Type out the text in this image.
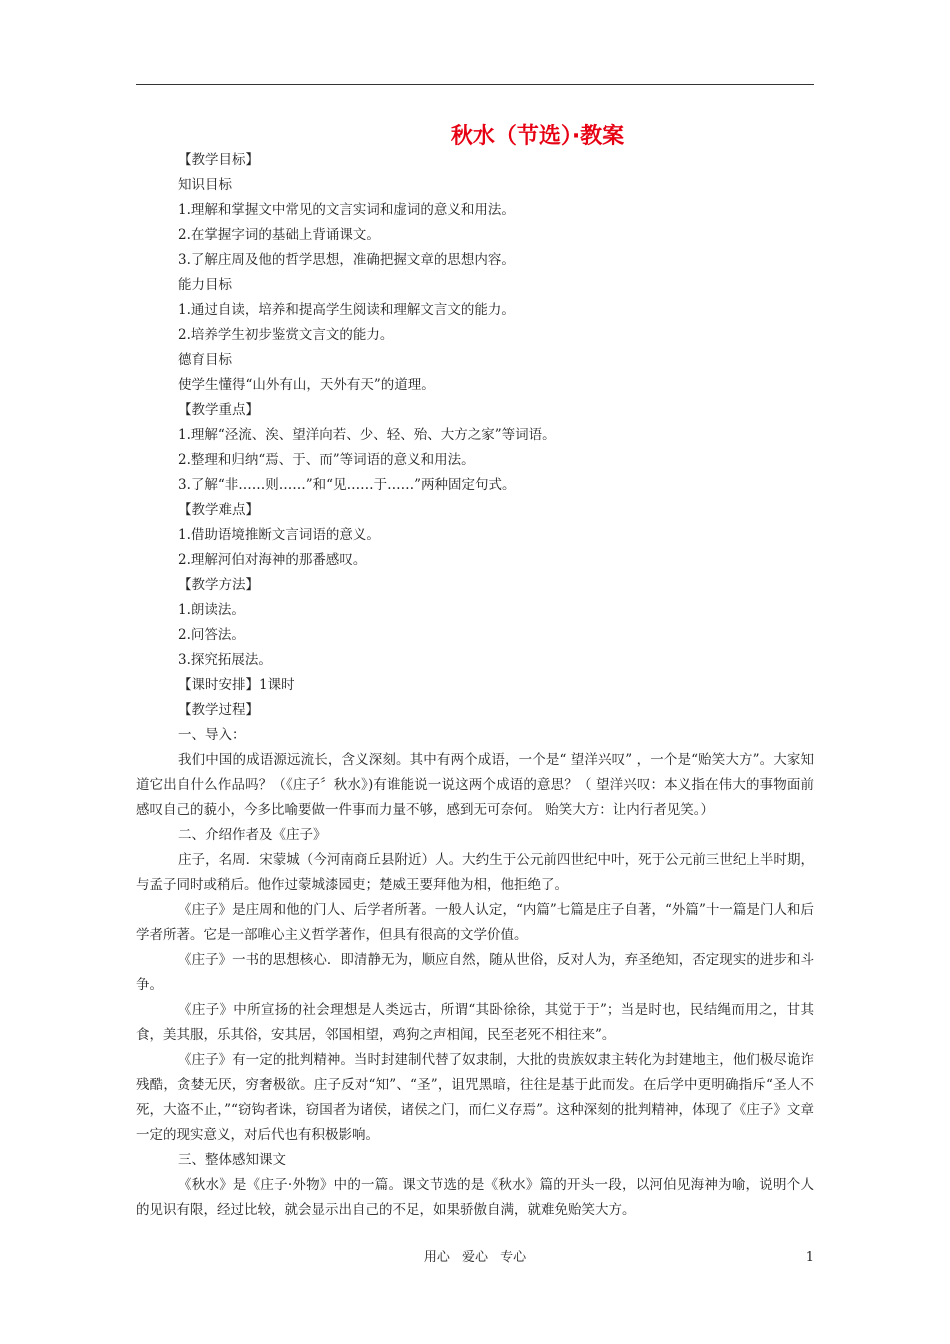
秋水（节选）·教案

【教学目标】

知识目标

1.理解和掌握文中常见的文言实词和虚词的意义和用法。

2.在掌握字词的基础上背诵课文。

3.了解庄周及他的哲学思想，准确把握文章的思想内容。

能力目标

1.通过自读，培养和提高学生阅读和理解文言文的能力。

2.培养学生初步鉴赏文言文的能力。

德育目标

使学生懂得“山外有山，天外有天”的道理。

【教学重点】

1.理解“泾流、涘、望洋向若、少、轻、殆、大方之家”等词语。

2.整理和归纳“焉、于、而”等词语的意义和用法。

3.了解“非……则……”和“见……于……”两种固定句式。

【教学难点】

1.借助语境推断文言词语的意义。

2.理解河伯对海神的那番感叹。

【教学方法】

1.朗读法。

2.问答法。

3.探究拓展法。

【课时安排】1课时

【教学过程】

一、导入：

我们中国的成语源远流长，含义深刻。其中有两个成语，一个是“ 望洋兴叹” ，一个是“贻笑大方”。大家知道它出自什么作品吗？（《庄子〞秋水》)有谁能说一说这两个成语的意思？（ 望洋兴叹：本义指在伟大的事物面前感叹自己的藐小，今多比喻要做一件事而力量不够，感到无可奈何。 贻笑大方：让内行者见笑。）

二、介绍作者及《庄子》

庄子，名周．宋蒙城（今河南商丘县附近）人。大约生于公元前四世纪中叶，死于公元前三世纪上半时期，与孟子同时或稍后。他作过蒙城漆园吏；楚威王要拜他为相，他拒绝了。

《庄子》是庄周和他的门人、后学者所著。一般人认定，“内篇”七篇是庄子自著，“外篇”十一篇是门人和后学者所著。它是一部唯心主义哲学著作，但具有很高的文学价值。

《庄子》一书的思想核心．即清静无为，顺应自然，随从世俗，反对人为，弃圣绝知，否定现实的进步和斗争。

《庄子》中所宣扬的社会理想是人类远古，所谓“其卧徐徐，其觉于于”；当是时也，民结绳而用之，甘其食，美其服，乐其俗，安其居，邻国相望，鸡狗之声相闻，民至老死不相往来”。

《庄子》有一定的批判精神。当时封建制代替了奴隶制，大批的贵族奴隶主转化为封建地主，他们极尽诡诈残酷，贪婪无厌，穷奢极欲。庄子反对“知”、“圣”，诅咒黑暗，往往是基于此而发。在后学中更明确指斥“圣人不死，大盗不止，”“窃钩者诛，窃国者为诸侯，诸侯之门，而仁义存焉”。这种深刻的批判精神，体现了《庄子》文章一定的现实意义，对后代也有积极影响。

三、整体感知课文

《秋水》是《庄子·外物》中的一篇。课文节选的是《秋水》篇的开头一段，以河伯见海神为喻，说明个人的见识有限，经过比较，就会显示出自己的不足，如果骄傲自满，就难免贻笑大方。

用心 爱心 专心	1
